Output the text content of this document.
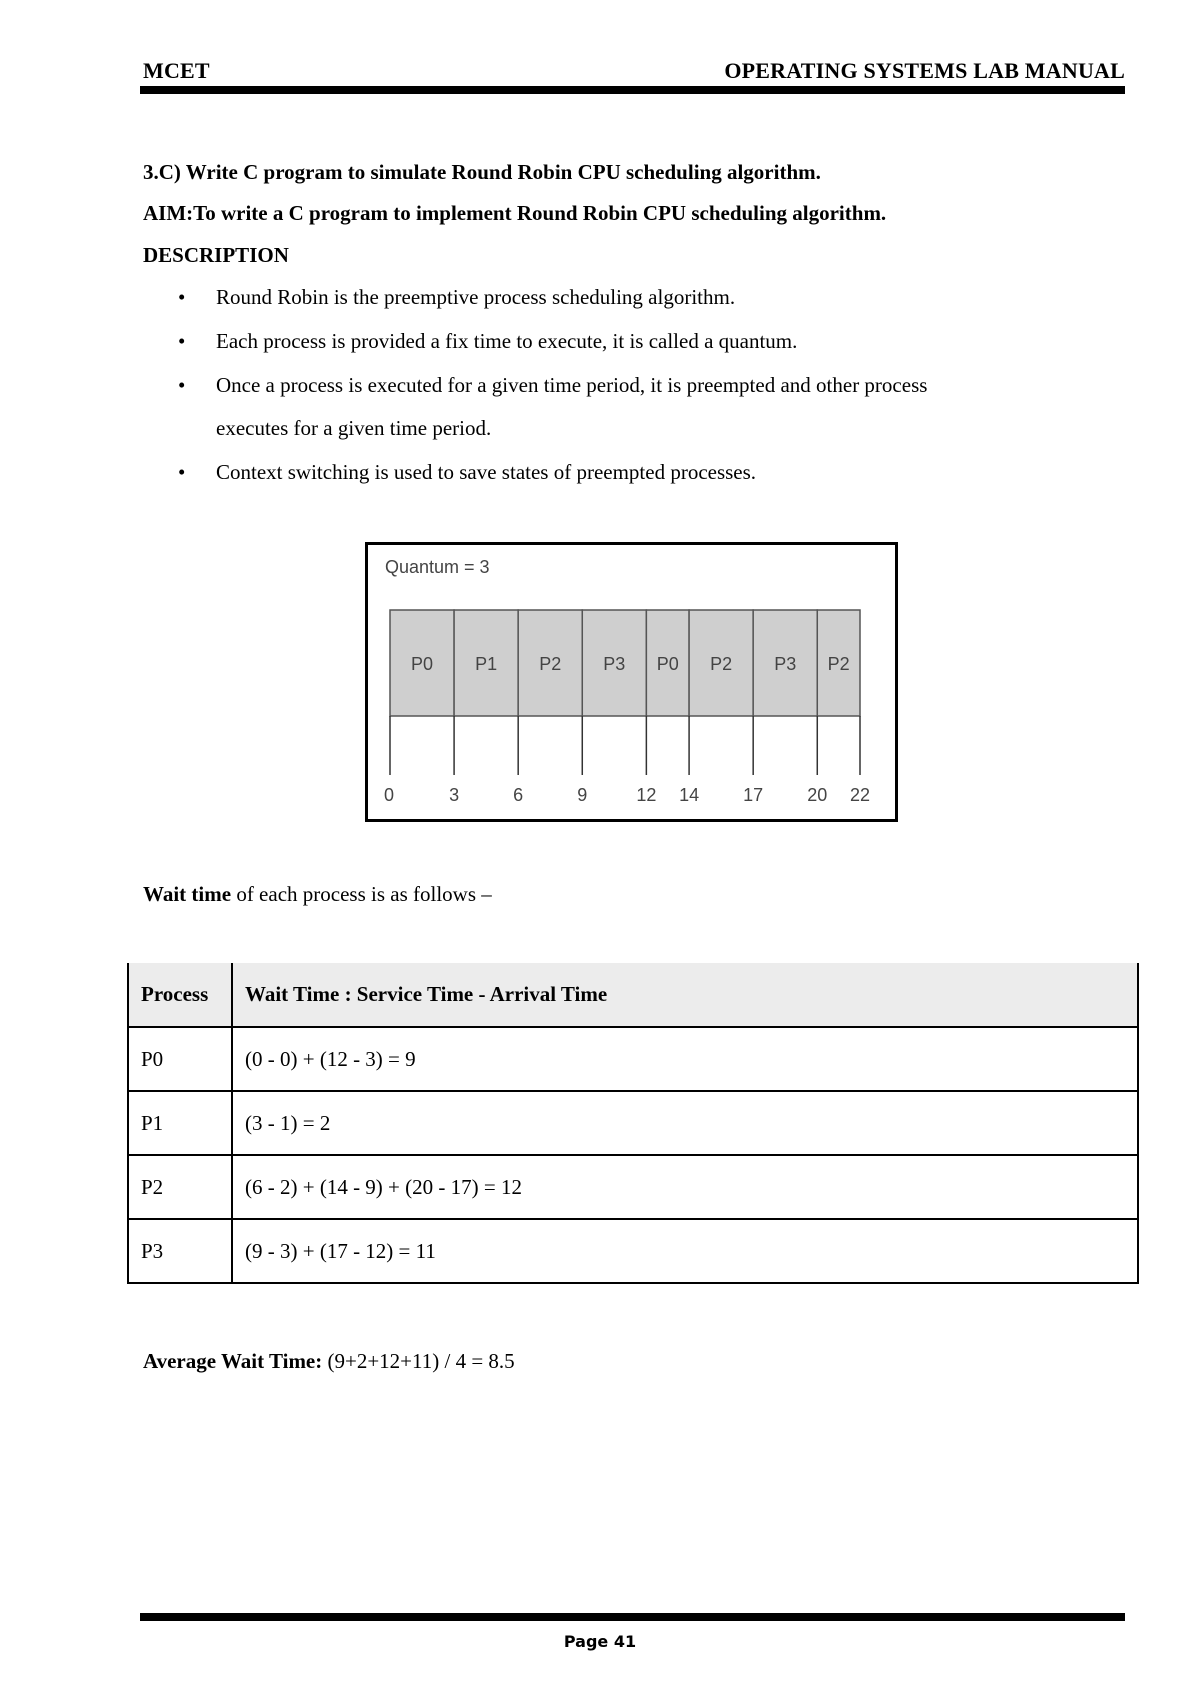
MCET	OPERATING SYSTEMS LAB MANUAL
3.C) Write C program to simulate Round Robin CPU scheduling algorithm.
AIM:To write a C program to implement Round Robin CPU scheduling algorithm.
DESCRIPTION
• Round Robin is the preemptive process scheduling algorithm.
• Each process is provided a fix time to execute, it is called a quantum.
• Once a process is executed for a given time period, it is preempted and other process
executes for a given time period.
• Context switching is used to save states of preempted processes.
Quantum = 3
P0 P1 P2 P3 P0 P2 P3 P2
0	3	6	9	12 14 17 20 22
Wait time of each process is as follows –
Process	Wait Time : Service Time - Arrival Time
P0	(0 - 0) + (12 - 3) = 9
P1	(3 - 1) = 2
P2	(6 - 2) + (14 - 9) + (20 - 17) = 12
P3	(9 - 3) + (17 - 12) = 11
Average Wait Time: (9+2+12+11) / 4 = 8.5
Page 41
